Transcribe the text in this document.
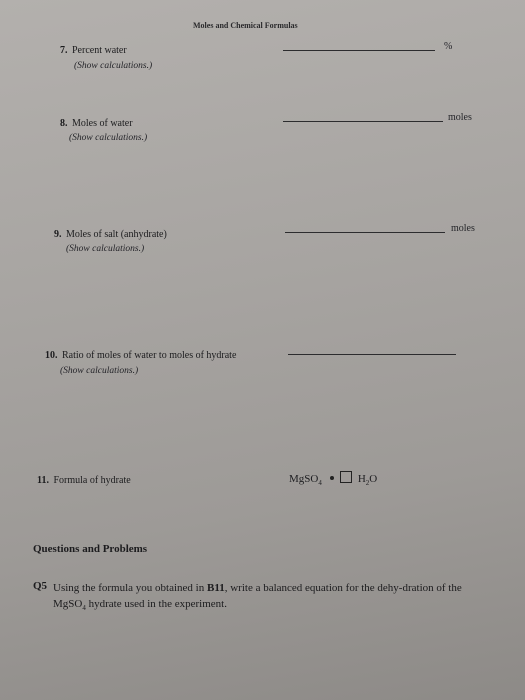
Moles and Chemical Formulas
7. Percent water
(Show calculations.)
%
8. Moles of water
(Show calculations.)
moles
9. Moles of salt (anhydrate)
(Show calculations.)
moles
10. Ratio of moles of water to moles of hydrate
(Show calculations.)
11. Formula of hydrate	MgSO$_4$	$H_2O$
Questions and Problems
Q5 Using the formula you obtained in B11, write a balanced equation for the dehy-dration of the MgSO$_4$ hydrate used in the experiment.
